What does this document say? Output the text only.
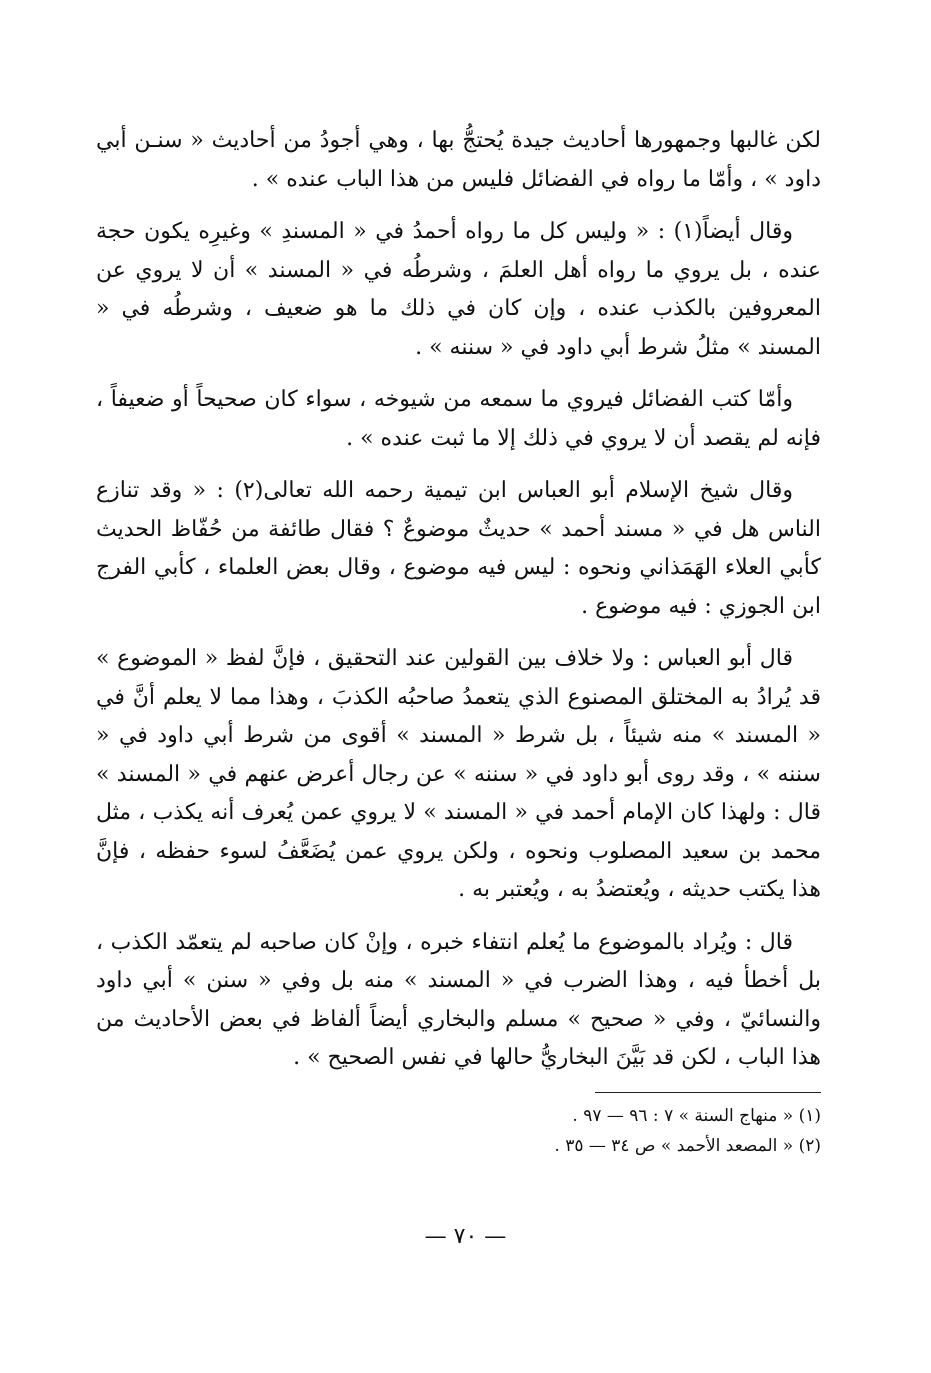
لكن غالبها وجمهورها أحاديث جيدة يُحتجُّ بها ، وهي أجودُ من أحاديث « سنـن أبي داود » ، وأمّا ما رواه في الفضائل فليس من هذا الباب عنده » .

وقال أيضاً(١) : « وليس كل ما رواه أحمدُ في « المسندِ » وغيرِه يكون حجة عنده ، بل يروي ما رواه أهل العلمَ ، وشرطُه في « المسند » أن لا يروي عن المعروفين بالكذب عنده ، وإن كان في ذلك ما هو ضعيف ، وشرطُه في « المسند » مثلُ شرط أبي داود في « سننه » .

وأمّا كتب الفضائل فيروي ما سمعه من شيوخه ، سواء كان صحيحاً أو ضعيفاً ، فإنه لم يقصد أن لا يروي في ذلك إلا ما ثبت عنده » .

وقال شيخ الإسلام أبو العباس ابن تيمية رحمه الله تعالى(٢) : « وقد تنازع الناس هل في « مسند أحمد » حديثٌ موضوعٌ ؟ فقال طائفة من حُفّاظ الحديث كأبي العلاء الهَمَذاني ونحوه : ليس فيه موضوع ، وقال بعض العلماء ، كأبي الفرج ابن الجوزي : فيه موضوع .

قال أبو العباس : ولا خلاف بين القولين عند التحقيق ، فإنَّ لفظ « الموضوع » قد يُرادُ به المختلق المصنوع الذي يتعمدُ صاحبُه الكذبَ ، وهذا مما لا يعلم أنَّ في « المسند » منه شيئاً ، بل شرط « المسند » أقوى من شرط أبي داود في « سننه » ، وقد روى أبو داود في « سننه » عن رجال أعرض عنهم في « المسند » قال : ولهذا كان الإمام أحمد في « المسند » لا يروي عمن يُعرف أنه يكذب ، مثل محمد بن سعيد المصلوب ونحوه ، ولكن يروي عمن يُضَعَّفُ لسوء حفظه ، فإنَّ هذا يكتب حديثه ، ويُعتضدُ به ، ويُعتبر به .

قال : ويُراد بالموضوع ما يُعلم انتفاء خبره ، وإنْ كان صاحبه لم يتعمّد الكذب ، بل أخطأ فيه ، وهذا الضرب في « المسند » منه بل وفي « سنن » أبي داود والنسائيّ ، وفي « صحيح » مسلم والبخاري أيضاً ألفاظ في بعض الأحاديث من هذا الباب ، لكن قد بَيَّنَ البخاريُّ حالها في نفس الصحيح » .

(١) « منهاج السنة » ٧ : ٩٦ — ٩٧ .

(٢) « المصعد الأحمد » ص ٣٤ — ٣٥ .

— ٧٠ —
